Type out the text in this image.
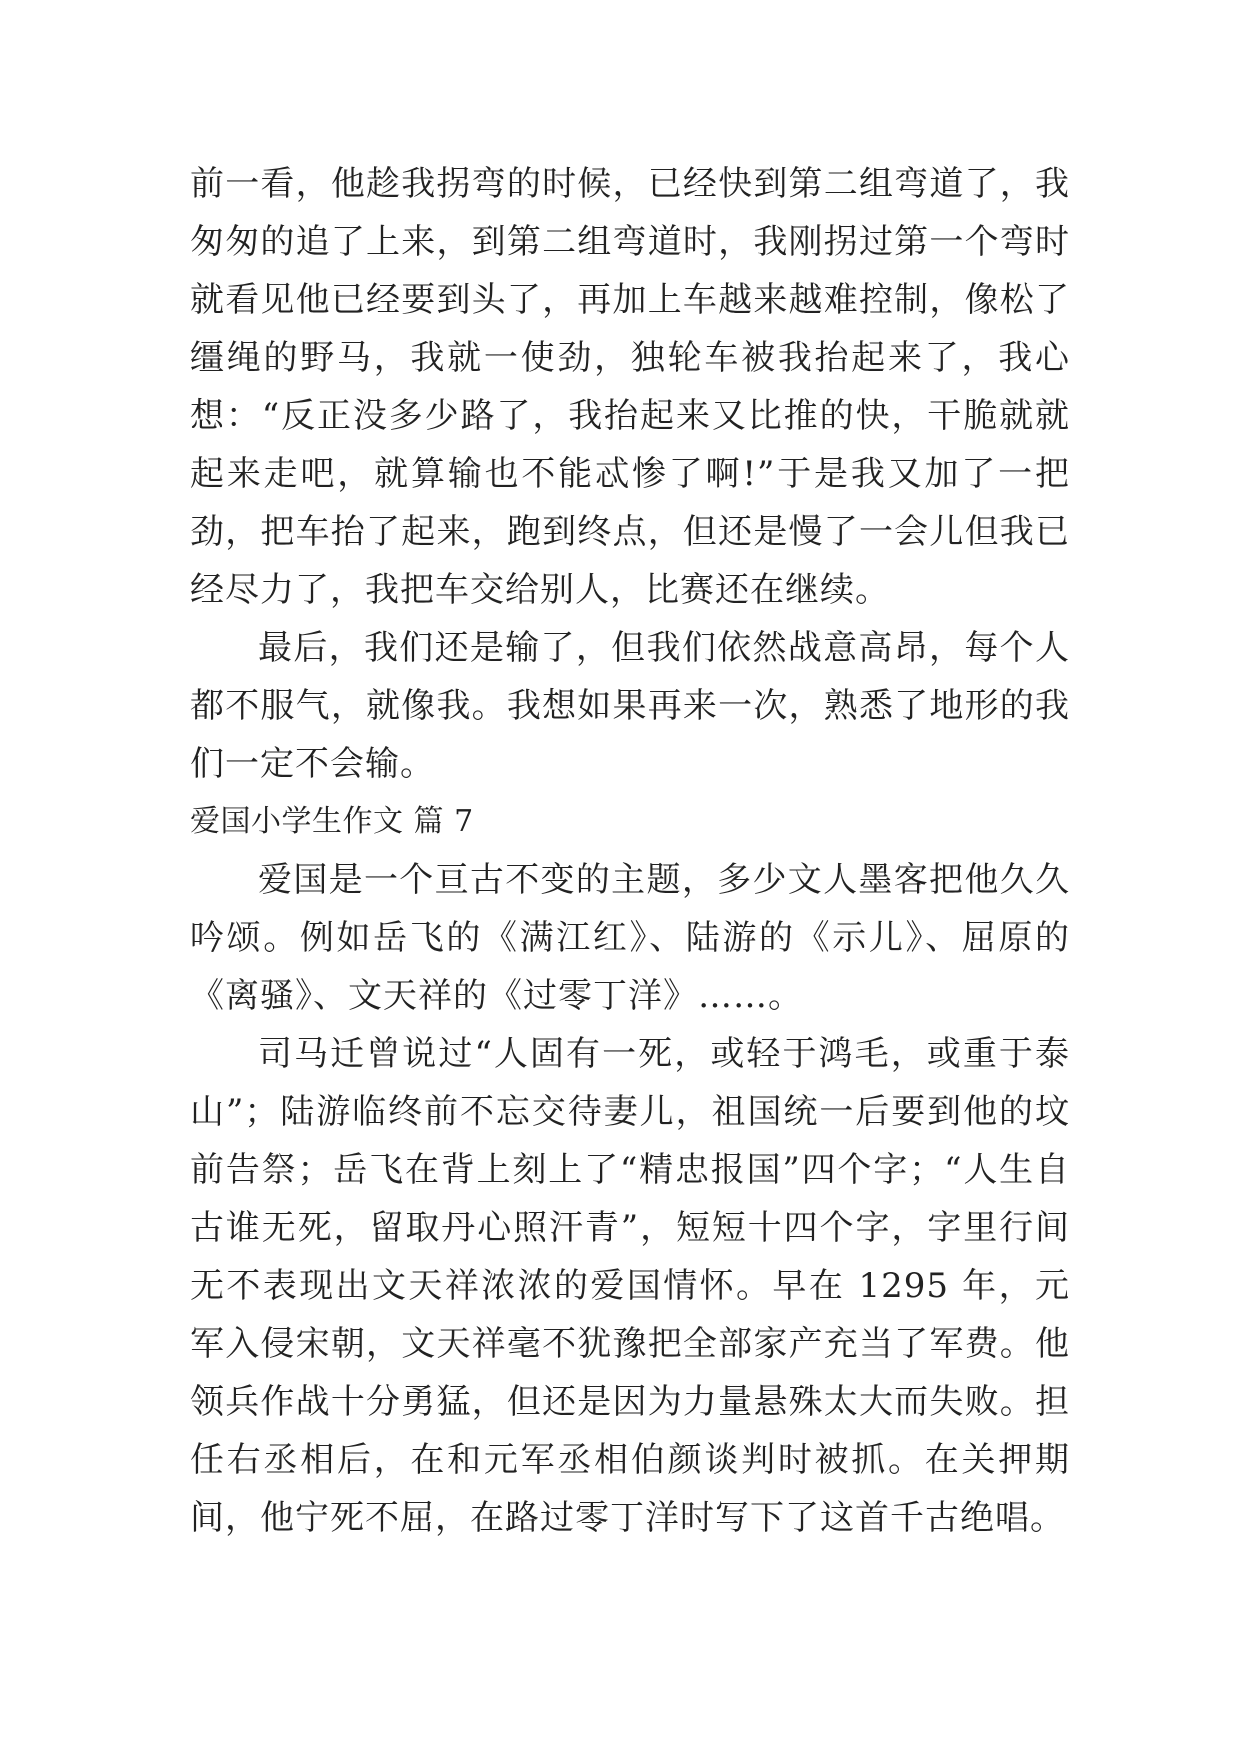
前一看，他趁我拐弯的时候，已经快到第二组弯道了，我匆匆的追了上来，到第二组弯道时，我刚拐过第一个弯时就看见他已经要到头了，再加上车越来越难控制，像松了缰绳的野马，我就一使劲，独轮车被我抬起来了，我心想：“反正没多少路了，我抬起来又比推的快，干脆就就起来走吧，就算输也不能忒惨了啊!”于是我又加了一把劲，把车抬了起来，跑到终点，但还是慢了一会儿但我已经尽力了，我把车交给别人，比赛还在继续。

最后，我们还是输了，但我们依然战意高昂，每个人都不服气，就像我。我想如果再来一次，熟悉了地形的我们一定不会输。

爱国小学生作文 篇 7

爱国是一个亘古不变的主题，多少文人墨客把他久久吟颂。例如岳飞的《满江红》、陆游的《示儿》、屈原的《离骚》、文天祥的《过零丁洋》……。

司马迁曾说过“人固有一死，或轻于鸿毛，或重于泰山”；陆游临终前不忘交待妻儿，祖国统一后要到他的坟前告祭；岳飞在背上刻上了“精忠报国”四个字；“人生自古谁无死，留取丹心照汗青”，短短十四个字，字里行间无不表现出文天祥浓浓的爱国情怀。早在 1295 年，元军入侵宋朝，文天祥毫不犹豫把全部家产充当了军费。他领兵作战十分勇猛，但还是因为力量悬殊太大而失败。担任右丞相后，在和元军丞相伯颜谈判时被抓。在关押期间，他宁死不屈，在路过零丁洋时写下了这首千古绝唱。
